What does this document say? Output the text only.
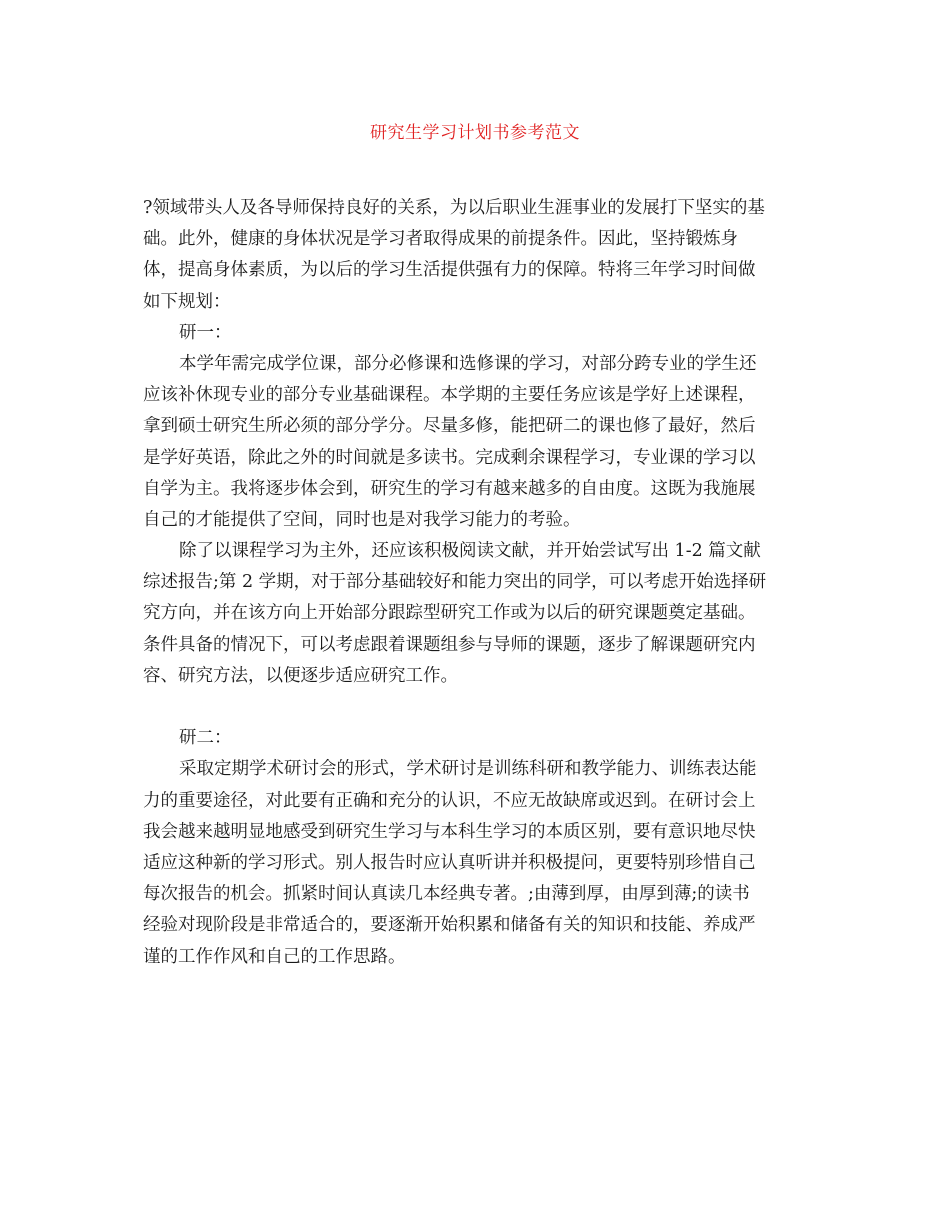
研究生学习计划书参考范文
?领域带头人及各导师保持良好的关系，为以后职业生涯事业的发展打下坚实的基
础。此外，健康的身体状况是学习者取得成果的前提条件。因此，坚持锻炼身
体，提高身体素质，为以后的学习生活提供强有力的保障。特将三年学习时间做
如下规划：
研一：
本学年需完成学位课，部分必修课和选修课的学习，对部分跨专业的学生还
应该补休现专业的部分专业基础课程。本学期的主要任务应该是学好上述课程，
拿到硕士研究生所必须的部分学分。尽量多修，能把研二的课也修了最好，然后
是学好英语，除此之外的时间就是多读书。完成剩余课程学习，专业课的学习以
自学为主。我将逐步体会到，研究生的学习有越来越多的自由度。这既为我施展
自己的才能提供了空间，同时也是对我学习能力的考验。
除了以课程学习为主外，还应该积极阅读文献，并开始尝试写出 1-2 篇文献
综述报告;第 2 学期，对于部分基础较好和能力突出的同学，可以考虑开始选择研
究方向，并在该方向上开始部分跟踪型研究工作或为以后的研究课题奠定基础。
条件具备的情况下，可以考虑跟着课题组参与导师的课题，逐步了解课题研究内
容、研究方法，以便逐步适应研究工作。
研二：
采取定期学术研讨会的形式，学术研讨是训练科研和教学能力、训练表达能
力的重要途径，对此要有正确和充分的认识，不应无故缺席或迟到。在研讨会上
我会越来越明显地感受到研究生学习与本科生学习的本质区别，要有意识地尽快
适应这种新的学习形式。别人报告时应认真听讲并积极提问，更要特别珍惜自己
每次报告的机会。抓紧时间认真读几本经典专著。;由薄到厚，由厚到薄;的读书
经验对现阶段是非常适合的，要逐渐开始积累和储备有关的知识和技能、养成严
谨的工作作风和自己的工作思路。
